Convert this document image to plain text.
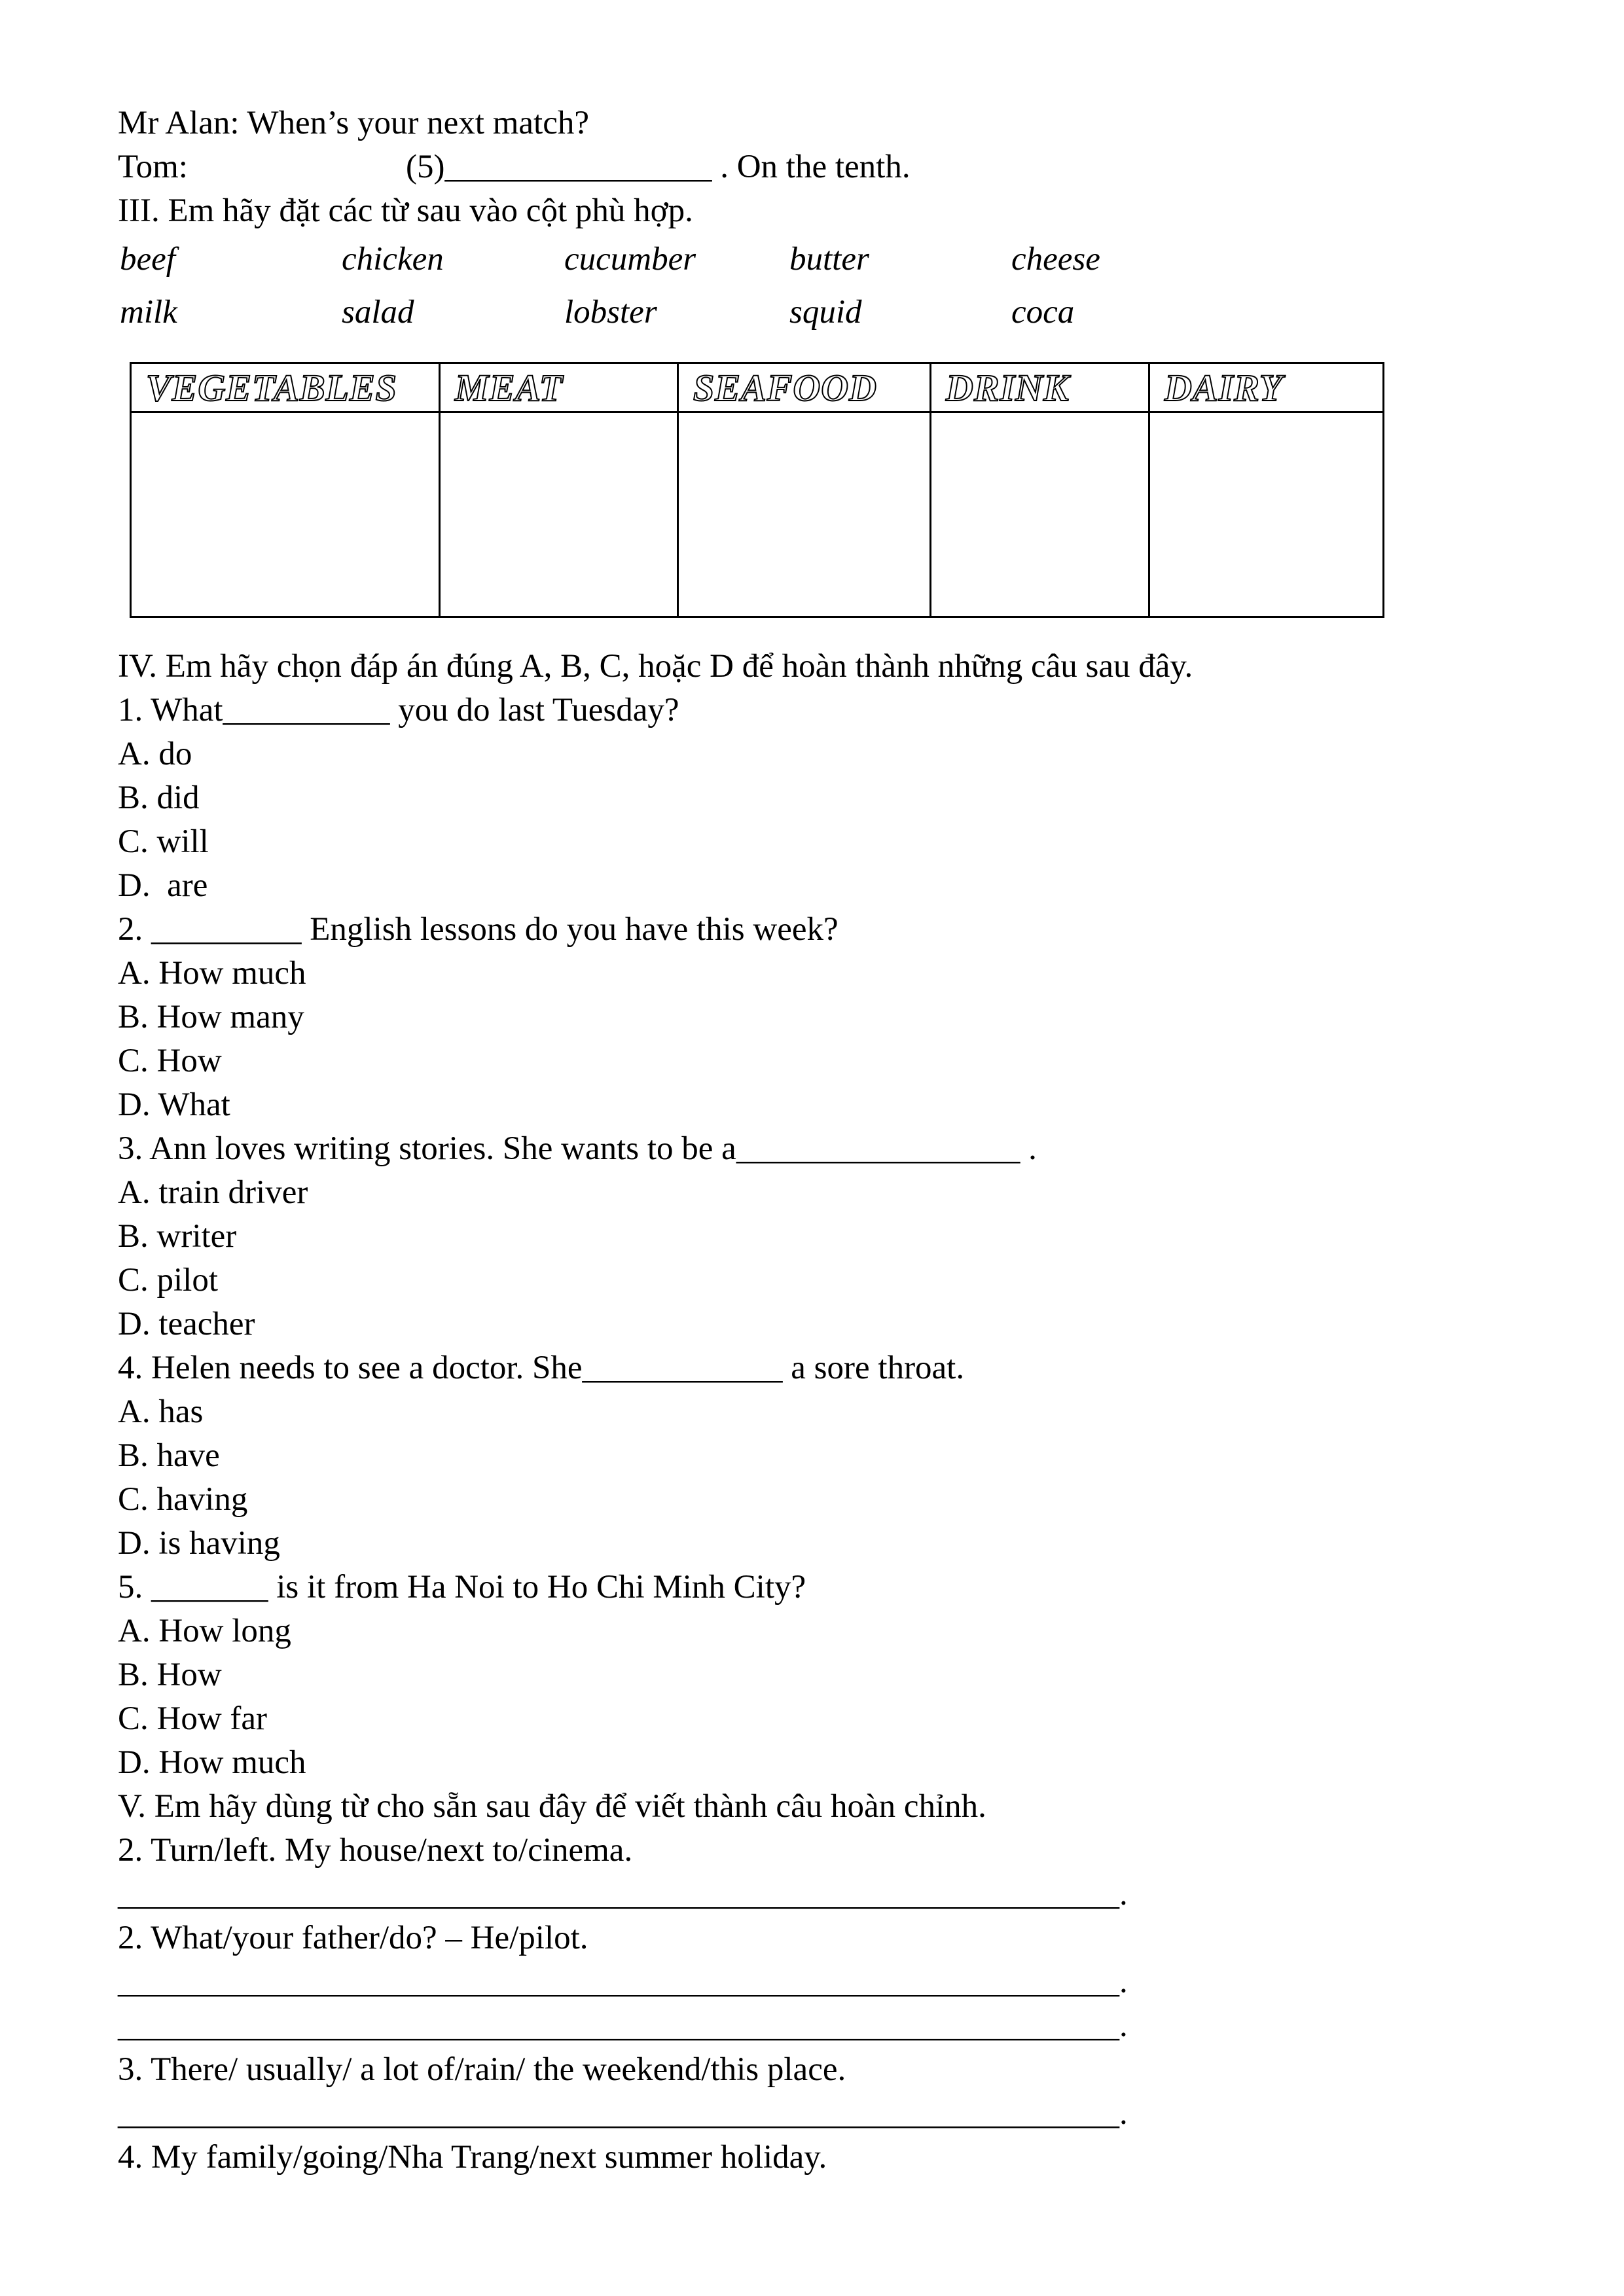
Mr Alan: When’s your next match?

Tom:	(5)________________ . On the tenth.

III. Em hãy đặt các từ sau vào cột phù hợp.

beef	chicken	cucumber	butter	cheese

milk	salad	lobster	squid	coca

VEGETABLES	MEAT	SEAFOOD	DRINK	DAIRY

IV. Em hãy chọn đáp án đúng A, B, C, hoặc D để hoàn thành những câu sau đây.

1. What__________ you do last Tuesday?

A. do

B. did

C. will

D.  are

2. _________ English lessons do you have this week?

A. How much

B. How many

C. How

D. What

3. Ann loves writing stories. She wants to be a_________________ .

A. train driver

B. writer

C. pilot

D. teacher

4. Helen needs to see a doctor. She____________ a sore throat.

A. has

B. have

C. having

D. is having

5. _______ is it from Ha Noi to Ho Chi Minh City?

A. How long

B. How

C. How far

D. How much

V. Em hãy dùng từ cho sẵn sau đây để viết thành câu hoàn chỉnh.

2. Turn/left. My house/next to/cinema.

____________________________________________________________.

2. What/your father/do? – He/pilot.

____________________________________________________________.

____________________________________________________________.

3. There/ usually/ a lot of/rain/ the weekend/this place.

____________________________________________________________.

4. My family/going/Nha Trang/next summer holiday.
